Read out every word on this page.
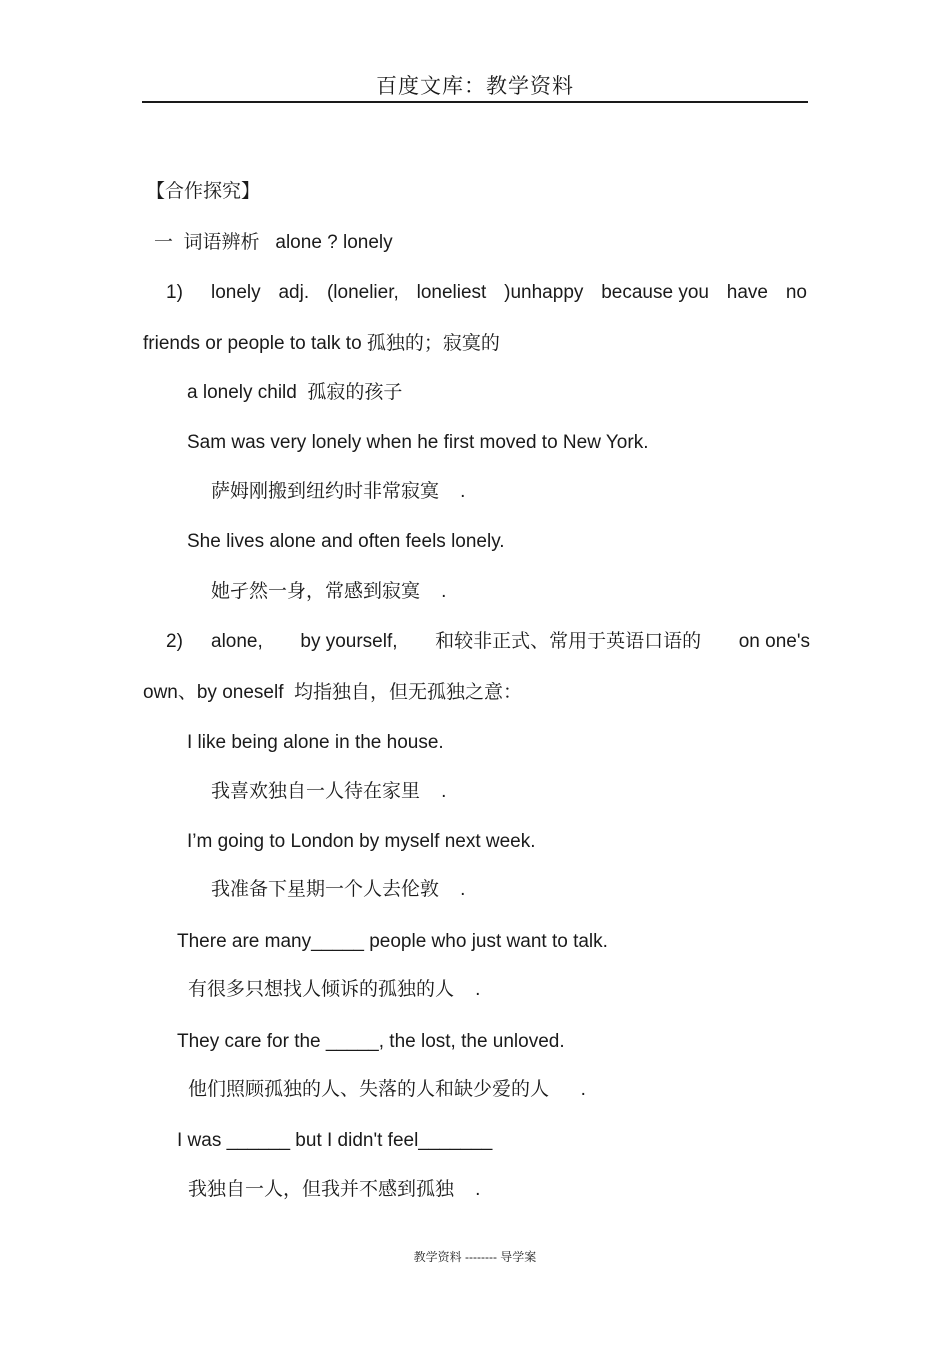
百度文库：教学资料
【合作探究】
一  词语辨析   alone ? lonely
1) lonely adj. (lonelier, loneliest )unhappy because you have no
friends or people to talk to 孤独的；寂寞的
a lonely child  孤寂的孩子
Sam was very lonely when he first moved to New York.
萨姆刚搬到纽约时非常寂寞    .
She lives alone and often feels lonely.
她孑然一身，常感到寂寞    .
2) alone, by yourself, 和较非正式、常用于英语口语的 on one's
own、by oneself  均指独自，但无孤独之意：
I like being alone in the house.
我喜欢独自一人待在家里    .
I’m going to London by myself next week.
我准备下星期一个人去伦敦    .
There are many_____ people who just want to talk.
有很多只想找人倾诉的孤独的人    .
They care for the _____, the lost, the unloved.
他们照顾孤独的人、失落的人和缺少爱的人      .
I was ______ but I didn't feel_______
我独自一人，但我并不感到孤独    .
教学资料 -------- 导学案
